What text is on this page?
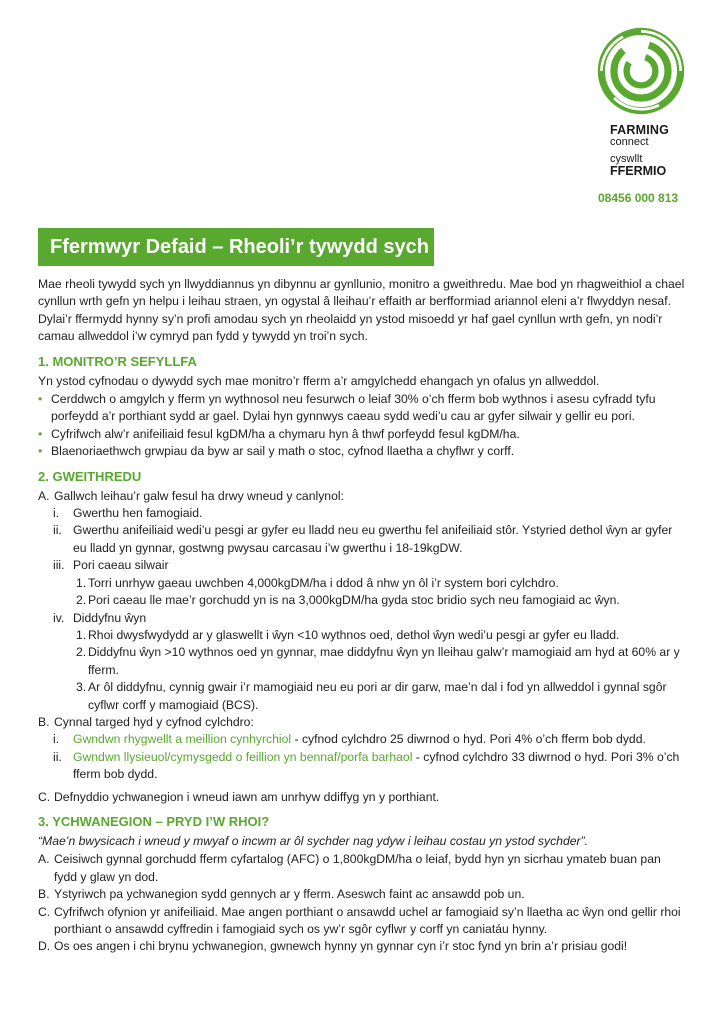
FARMING
connect
cyswllt
FFERMIO
08456 000 813
Ffermwyr Defaid – Rheoli’r tywydd sych

Mae rheoli tywydd sych yn llwyddiannus yn dibynnu ar gynllunio, monitro a gweithredu. Mae bod yn rhagweithiol a chael cynllun wrth gefn yn helpu i leihau straen, yn ogystal â lleihau’r effaith ar berfformiad ariannol eleni a’r flwyddyn nesaf. Dylai’r ffermydd hynny sy’n profi amodau sych yn rheolaidd yn ystod misoedd yr haf gael cynllun wrth gefn, yn nodi’r camau allweddol i’w cymryd pan fydd y tywydd yn troi’n sych.

1. MONITRO’R SEFYLLFA

Yn ystod cyfnodau o dywydd sych mae monitro’r fferm a’r amgylchedd ehangach yn ofalus yn allweddol.

• Cerddwch o amgylch y fferm yn wythnosol neu fesurwch o leiaf 30% o’ch fferm bob wythnos i asesu cyfradd tyfu porfeydd a’r porthiant sydd ar gael. Dylai hyn gynnwys caeau sydd wedi’u cau ar gyfer silwair y gellir eu pori.
• Cyfrifwch alw’r anifeiliaid fesul kgDM/ha a chymaru hyn â thwf porfeydd fesul kgDM/ha.
• Blaenoriaethwch grwpiau da byw ar sail y math o stoc, cyfnod llaetha a chyflwr y corff.
2. GWEITHREDU
A. Gallwch leihau’r galw fesul ha drwy wneud y canlynol:
i.	Gwerthu hen famogiaid.
ii. Gwerthu anifeiliaid wedi’u pesgi ar gyfer eu lladd neu eu gwerthu fel anifeiliaid stôr. Ystyried dethol ŵyn ar gyfer eu lladd yn gynnar, gostwng pwysau carcasau i’w gwerthu i 18-19kgDW.
iii. Pori caeau silwair
1. Torri unrhyw gaeau uwchben 4,000kgDM/ha i ddod â nhw yn ôl i’r system bori cylchdro.
2. Pori caeau lle mae’r gorchudd yn is na 3,000kgDM/ha gyda stoc bridio sych neu famogiaid ac ŵyn.
iv. Diddyfnu ŵyn
1. Rhoi dwysfwydydd ar y glaswellt i ŵyn <10 wythnos oed, dethol ŵyn wedi’u pesgi ar gyfer eu lladd.
2. Diddyfnu ŵyn >10 wythnos oed yn gynnar, mae diddyfnu ŵyn yn lleihau galw’r mamogiaid am hyd at 60% ar y fferm.
3. Ar ôl diddyfnu, cynnig gwair i’r mamogiaid neu eu pori ar dir garw, mae’n dal i fod yn allweddol i gynnal sgôr cyflwr corff y mamogiaid (BCS).
B. Cynnal targed hyd y cyfnod cylchdro:
i.	Gwndwn rhygwellt a meillion cynhyrchiol - cyfnod cylchdro 25 diwrnod o hyd. Pori 4% o’ch fferm bob dydd.
ii. Gwndwn llysieuol/cymysgedd o feillion yn bennaf/porfa barhaol - cyfnod cylchdro 33 diwrnod o hyd. Pori 3% o’ch fferm bob dydd.
C. Defnyddio ychwanegion i wneud iawn am unrhyw ddiffyg yn y porthiant.
3. YCHWANEGION – PRYD I’W RHOI?

“Mae’n bwysicach i wneud y mwyaf o incwm ar ôl sychder nag ydyw i leihau costau yn ystod sychder”.

A. Ceisiwch gynnal gorchudd fferm cyfartalog (AFC) o 1,800kgDM/ha o leiaf, bydd hyn yn sicrhau ymateb buan pan fydd y glaw yn dod.
B. Ystyriwch pa ychwanegion sydd gennych ar y fferm. Aseswch faint ac ansawdd pob un.
C. Cyfrifwch ofynion yr anifeiliaid. Mae angen porthiant o ansawdd uchel ar famogiaid sy’n llaetha ac ŵyn ond gellir rhoi porthiant o ansawdd cyffredin i famogiaid sych os yw’r sgôr cyflwr y corff yn caniatáu hynny.
D. Os oes angen i chi brynu ychwanegion, gwnewch hynny yn gynnar cyn i’r stoc fynd yn brin a’r prisiau godi!
